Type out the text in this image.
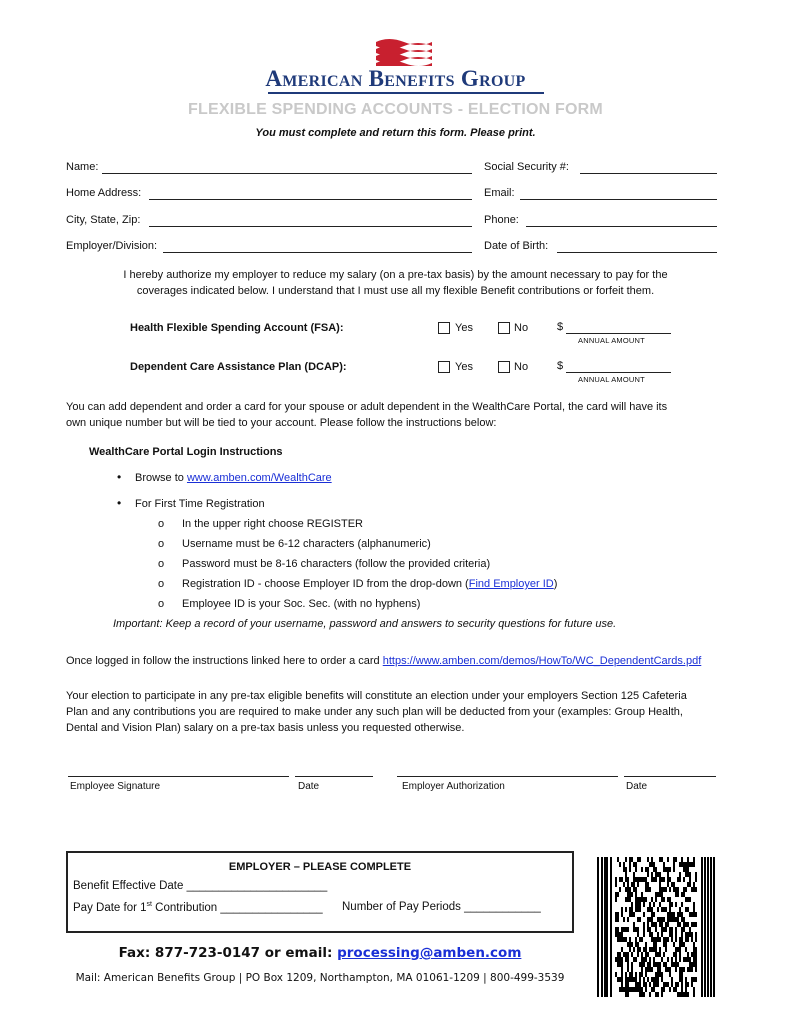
American Benefits Group
FLEXIBLE SPENDING ACCOUNTS - ELECTION FORM
You must complete and return this form. Please print.
Name:	Social Security #:
Home Address:	Email:
City, State, Zip:	Phone:
Employer/Division:	Date of Birth:
I hereby authorize my employer to reduce my salary (on a pre-tax basis) by the amount necessary to pay for the
coverages indicated below. I understand that I must use all my flexible Benefit contributions or forfeit them.
Health Flexible Spending Account (FSA):	Yes	No	$
ANNUAL AMOUNT
Dependent Care Assistance Plan (DCAP):	Yes	No	$
ANNUAL AMOUNT
You can add dependent and order a card for your spouse or adult dependent in the WealthCare Portal, the card will have its
own unique number but will be tied to your account. Please follow the instructions below:
WealthCare Portal Login Instructions
• Browse to www.amben.com/WealthCare
• For First Time Registration
o In the upper right choose REGISTER
o Username must be 6-12 characters (alphanumeric)
o Password must be 8-16 characters (follow the provided criteria)
o Registration ID - choose Employer ID from the drop-down (Find Employer ID)
o Employee ID is your Soc. Sec. (with no hyphens)
Important: Keep a record of your username, password and answers to security questions for future use.
Once logged in follow the instructions linked here to order a card https://www.amben.com/demos/HowTo/WC_DependentCards.pdf
Your election to participate in any pre-tax eligible benefits will constitute an election under your employers Section 125 Cafeteria
Plan and any contributions you are required to make under any such plan will be deducted from your (examples: Group Health,
Dental and Vision Plan) salary on a pre-tax basis unless you requested otherwise.
Employee Signature	Date	Employer Authorization	Date
EMPLOYER – PLEASE COMPLETE
Benefit Effective Date ______________________
Pay Date for 1st Contribution ________________ Number of Pay Periods ____________
Fax: 877-723-0147 or email: processing@amben.com
Mail: American Benefits Group | PO Box 1209, Northampton, MA 01061-1209 | 800-499-3539
